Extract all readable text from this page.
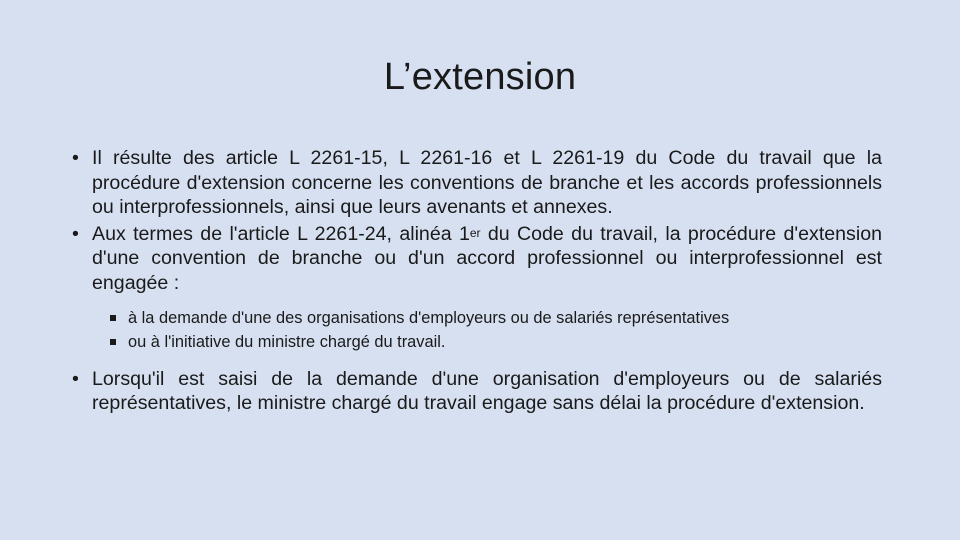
L’extension

• Il résulte des article L 2261-15, L 2261-16 et L 2261-19 du Code du travail que la procédure d'extension concerne les conventions de branche et les accords professionnels ou interprofessionnels, ainsi que leurs avenants et annexes.

• Aux termes de l'article L 2261-24, alinéa 1er du Code du travail, la procédure d'extension d'une convention de branche ou d'un accord professionnel ou interprofessionnel est engagée :

à la demande d'une des organisations d'employeurs ou de salariés représentatives
ou à l'initiative du ministre chargé du travail.

• Lorsqu'il est saisi de la demande d'une organisation d'employeurs ou de salariés représentatives, le ministre chargé du travail engage sans délai la procédure d'extension.
